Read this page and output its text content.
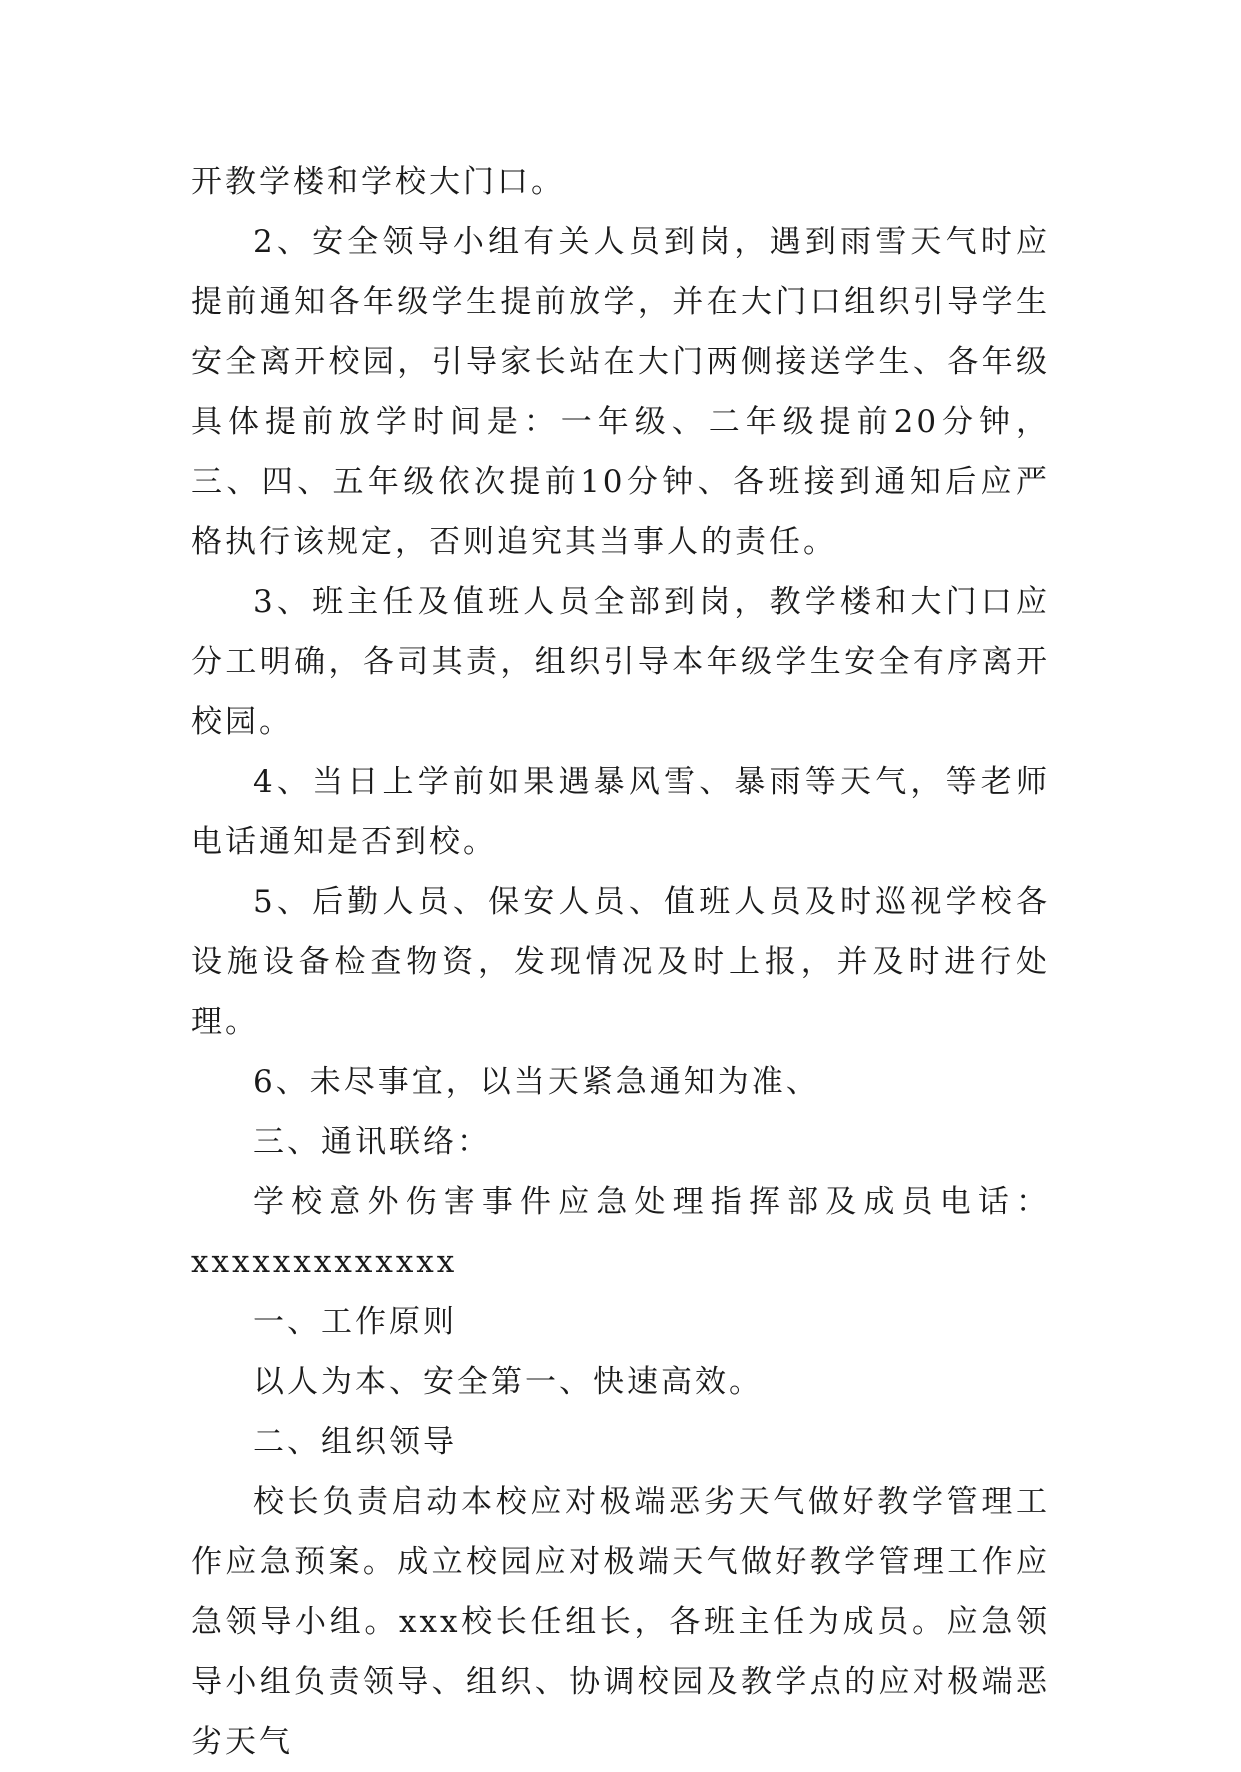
开教学楼和学校大门口。

2、安全领导小组有关人员到岗，遇到雨雪天气时应提前通知各年级学生提前放学，并在大门口组织引导学生安全离开校园，引导家长站在大门两侧接送学生、各年级具体提前放学时间是：一年级、二年级提前20分钟，三、四、五年级依次提前10分钟、各班接到通知后应严格执行该规定，否则追究其当事人的责任。

3、班主任及值班人员全部到岗，教学楼和大门口应分工明确，各司其责，组织引导本年级学生安全有序离开校园。

4、当日上学前如果遇暴风雪、暴雨等天气，等老师电话通知是否到校。

5、后勤人员、保安人员、值班人员及时巡视学校各设施设备检查物资，发现情况及时上报，并及时进行处理。

6、未尽事宜，以当天紧急通知为准、

三、通讯联络：

学校意外伤害事件应急处理指挥部及成员电话：

xxxxxxxxxxxxx

一、工作原则

以人为本、安全第一、快速高效。

二、组织领导

校长负责启动本校应对极端恶劣天气做好教学管理工作应急预案。成立校园应对极端天气做好教学管理工作应急领导小组。xxx校长任组长，各班主任为成员。应急领导小组负责领导、组织、协调校园及教学点的应对极端恶劣天气
